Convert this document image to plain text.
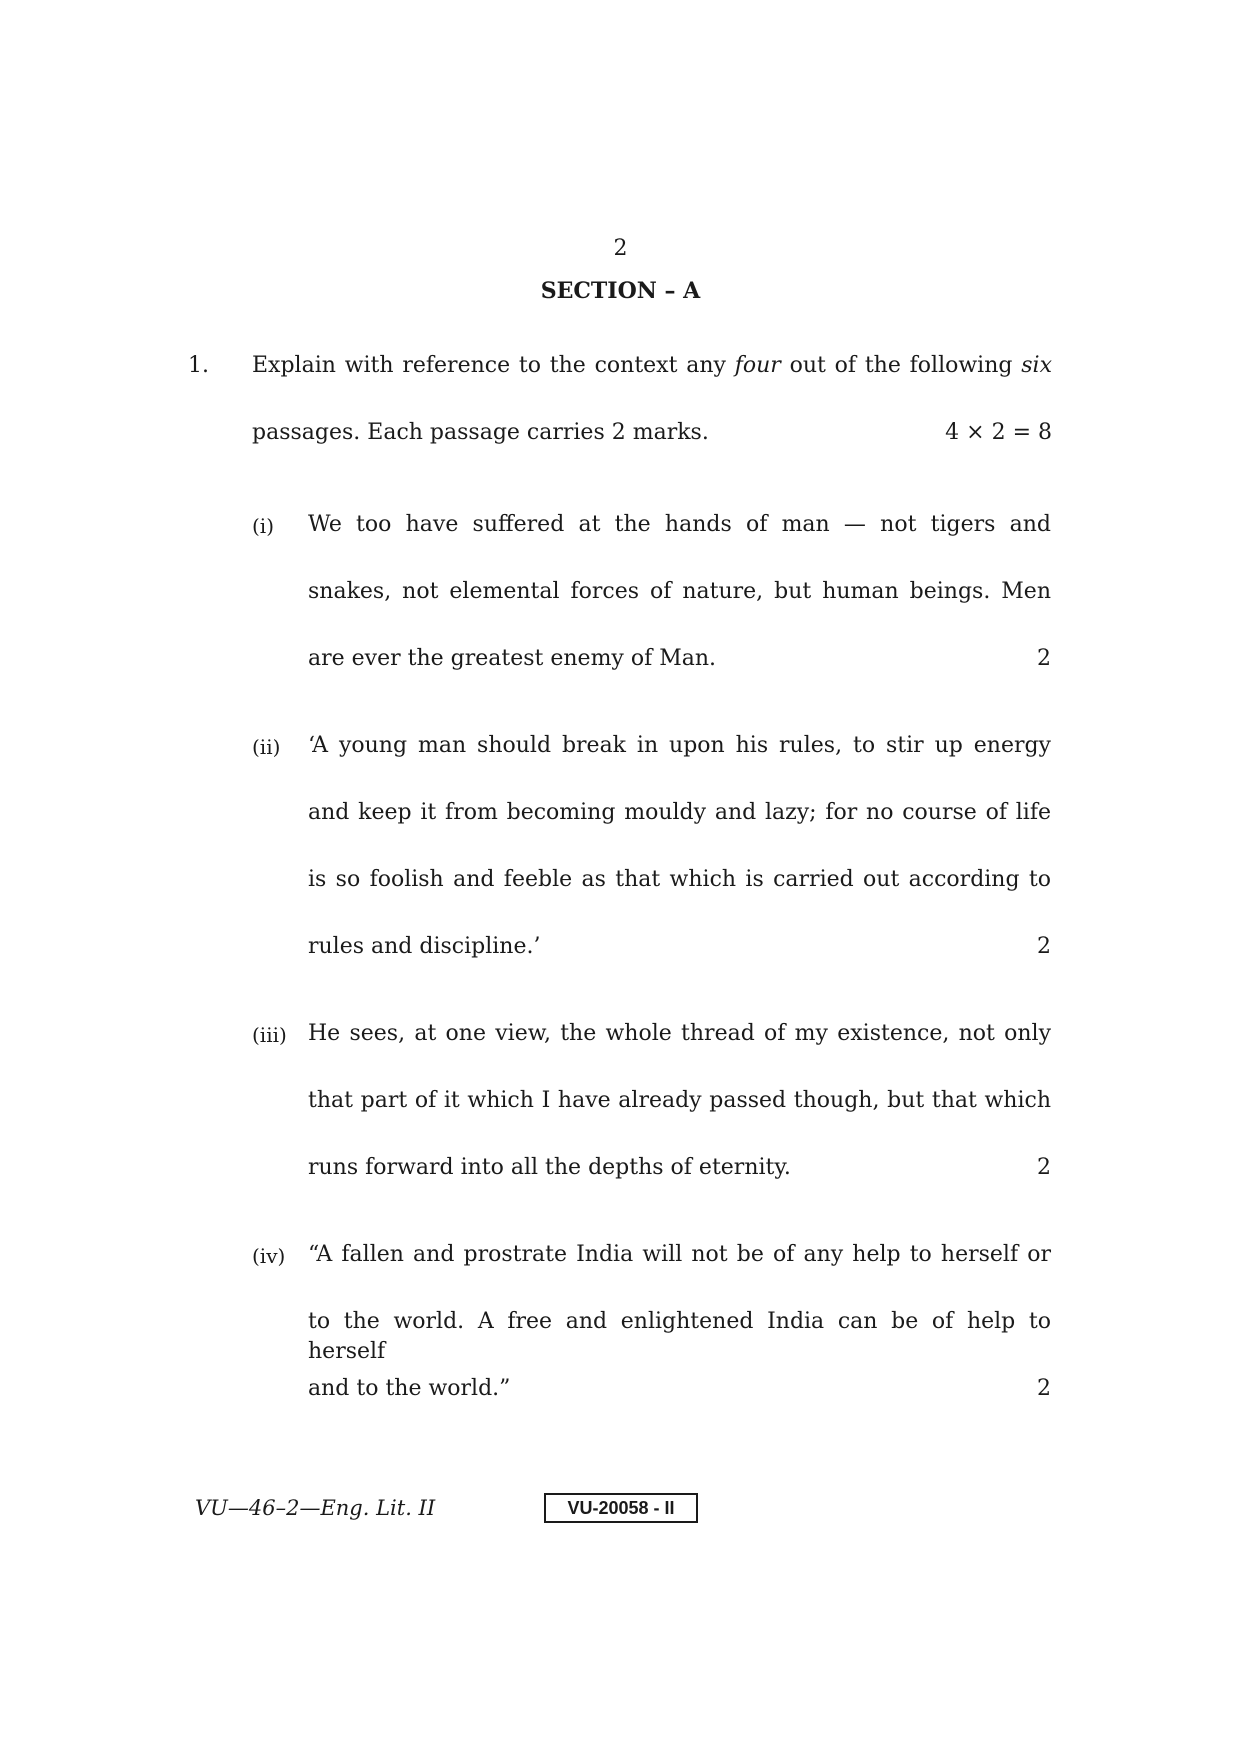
2
SECTION – A
1. Explain with reference to the context any four out of the following six
passages. Each passage carries 2 marks.	4 × 2 = 8
(i) We too have suffered at the hands of man — not tigers and
snakes, not elemental forces of nature, but human beings. Men
are ever the greatest enemy of Man.	2
(ii) ‘A young man should break in upon his rules, to stir up energy
and keep it from becoming mouldy and lazy; for no course of life
is so foolish and feeble as that which is carried out according to
rules and discipline.’	2
(iii) He sees, at one view, the whole thread of my existence, not only
that part of it which I have already passed though, but that which
runs forward into all the depths of eternity.	2
(iv) “A fallen and prostrate India will not be of any help to herself or
to the world. A free and enlightened India can be of help to herself
and to the world.”	2
VU—46–2—Eng. Lit. II	VU-20058 - II
